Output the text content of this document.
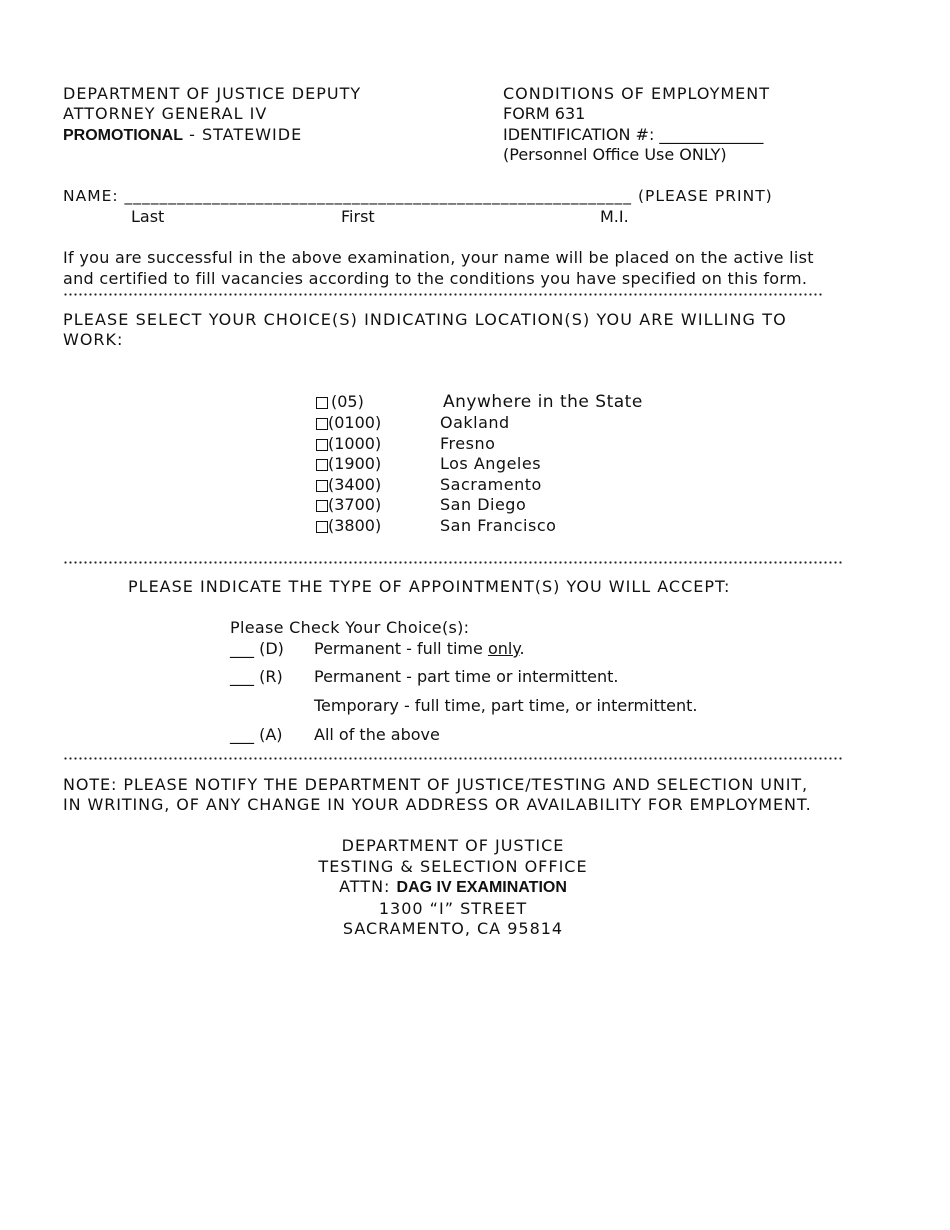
DEPARTMENT OF JUSTICE DEPUTY
ATTORNEY GENERAL IV
PROMOTIONAL - STATEWIDE
CONDITIONS OF EMPLOYMENT
FORM 631
IDENTIFICATION #: _____________
(Personnel Office Use ONLY)
NAME: __________________________________________________________ (PLEASE PRINT)
Last	First	M.I.
If you are successful in the above examination, your name will be placed on the active list
and certified to fill vacancies according to the conditions you have specified on this form.
PLEASE SELECT YOUR CHOICE(S) INDICATING LOCATION(S) YOU ARE WILLING TO
WORK:
(05)	Anywhere in the State
(0100)	Oakland
(1000)	Fresno
(1900)	Los Angeles
(3400)	Sacramento
(3700)	San Diego
(3800)	San Francisco
PLEASE INDICATE THE TYPE OF APPOINTMENT(S) YOU WILL ACCEPT:
Please Check Your Choice(s):
___ (D) Permanent - full time only.
___ (R) Permanent - part time or intermittent.
Temporary - full time, part time, or intermittent.
___ (A) All of the above
NOTE: PLEASE NOTIFY THE DEPARTMENT OF JUSTICE/TESTING AND SELECTION UNIT,
IN WRITING, OF ANY CHANGE IN YOUR ADDRESS OR AVAILABILITY FOR EMPLOYMENT.
DEPARTMENT OF JUSTICE
TESTING & SELECTION OFFICE
ATTN: DAG IV EXAMINATION
1300 “I” STREET
SACRAMENTO, CA 95814
